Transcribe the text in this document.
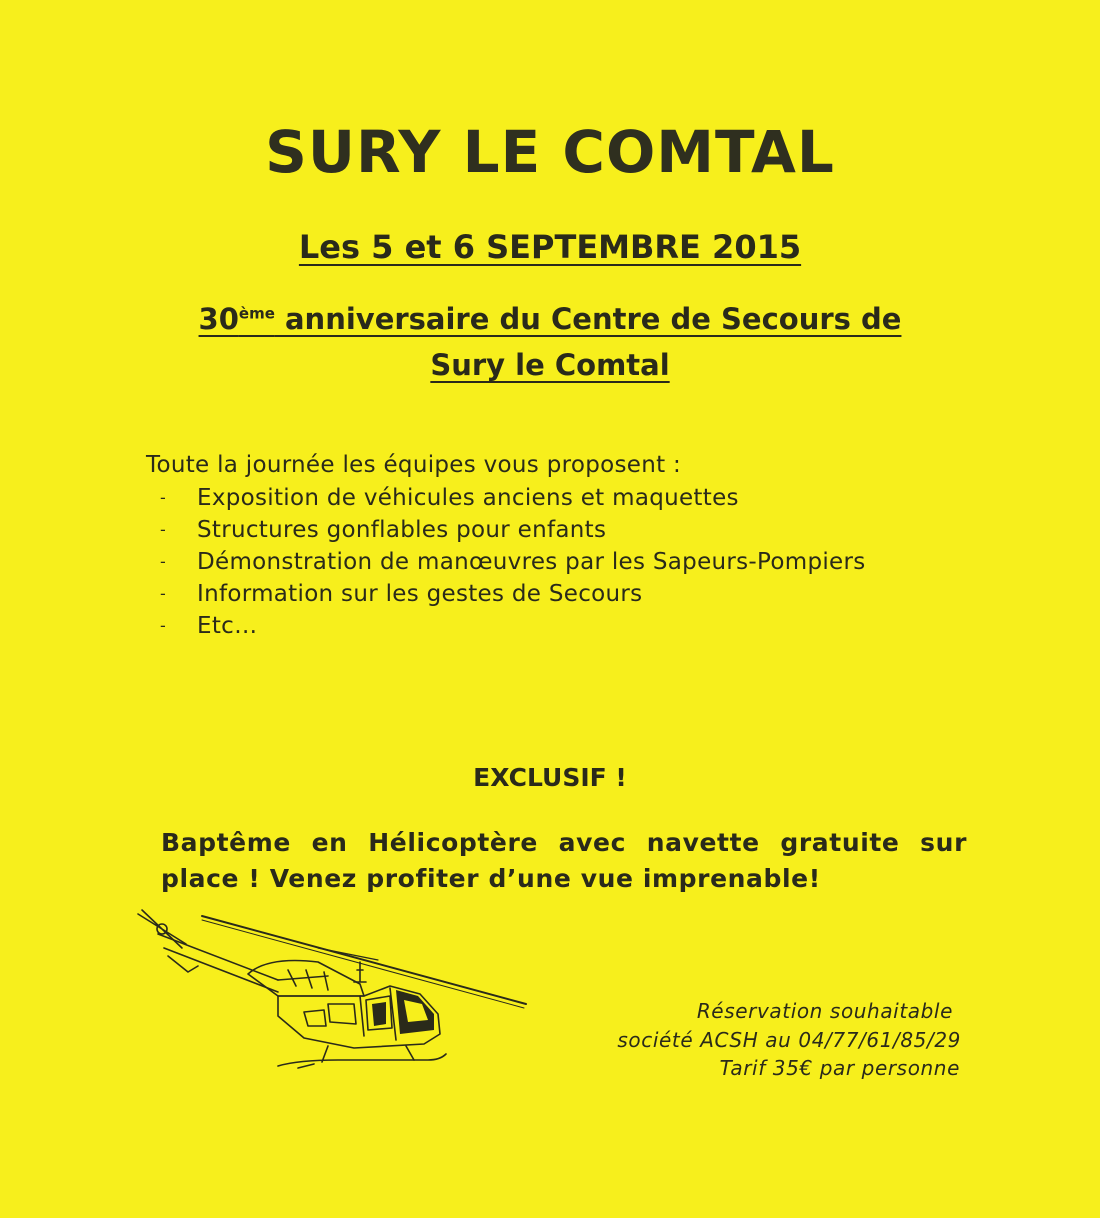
SURY LE COMTAL

Les 5 et 6 SEPTEMBRE 2015

30ème anniversaire du Centre de Secours de

Sury le Comtal

Toute la journée les équipes vous proposent :

- Exposition de véhicules anciens et maquettes
- Structures gonflables pour enfants
- Démonstration de manœuvres par les Sapeurs-Pompiers
- Information sur les gestes de Secours
- Etc…

EXCLUSIF !

Baptême en Hélicoptère avec navette gratuite sur place ! Venez profiter d’une vue imprenable!

Réservation souhaitable

société ACSH au 04/77/61/85/29

Tarif 35€ par personne
